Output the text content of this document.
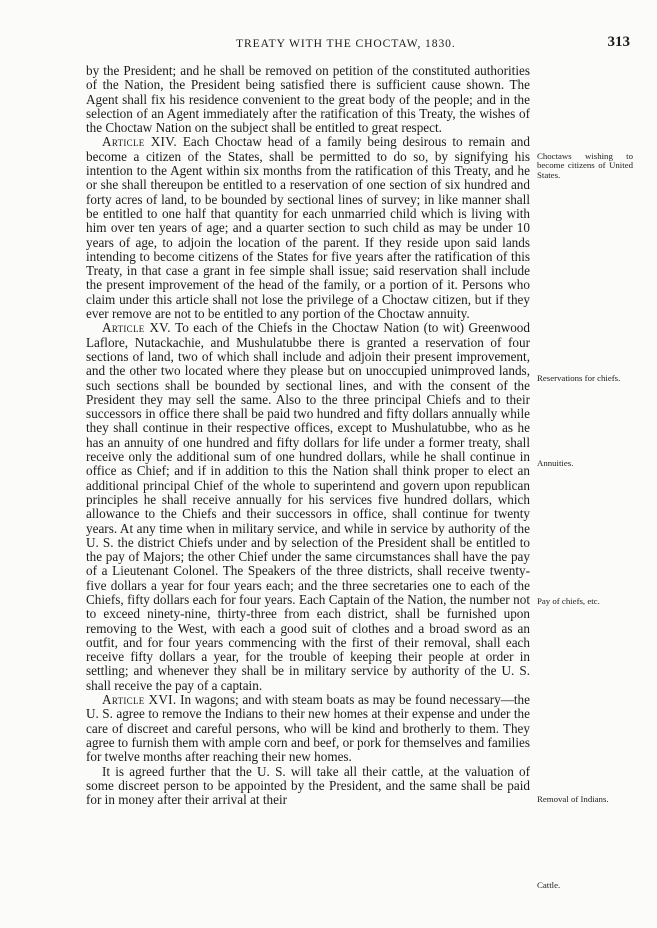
TREATY WITH THE CHOCTAW, 1830.	313

by the President; and he shall be removed on petition of the constituted authorities of the Nation, the President being satisfied there is sufficient cause shown. The Agent shall fix his residence convenient to the great body of the people; and in the selection of an Agent immediately after the ratification of this Treaty, the wishes of the Choctaw Nation on the subject shall be entitled to great respect.

Article XIV. Each Choctaw head of a family being desirous to remain and become a citizen of the States, shall be permitted to do so, by signifying his intention to the Agent within six months from the ratification of this Treaty, and he or she shall thereupon be entitled to a reservation of one section of six hundred and forty acres of land, to be bounded by sectional lines of survey; in like manner shall be entitled to one half that quantity for each unmarried child which is living with him over ten years of age; and a quarter section to such child as may be under 10 years of age, to adjoin the location of the parent. If they reside upon said lands intending to become citizens of the States for five years after the ratification of this Treaty, in that case a grant in fee simple shall issue; said reservation shall include the present improvement of the head of the family, or a portion of it. Persons who claim under this article shall not lose the privilege of a Choctaw citizen, but if they ever remove are not to be entitled to any portion of the Choctaw annuity.

Article XV. To each of the Chiefs in the Choctaw Nation (to wit) Greenwood Laflore, Nutackachie, and Mushulatubbe there is granted a reservation of four sections of land, two of which shall include and adjoin their present improvement, and the other two located where they please but on unoccupied unimproved lands, such sections shall be bounded by sectional lines, and with the consent of the President they may sell the same. Also to the three principal Chiefs and to their successors in office there shall be paid two hundred and fifty dollars annually while they shall continue in their respective offices, except to Mushulatubbe, who as he has an annuity of one hundred and fifty dollars for life under a former treaty, shall receive only the additional sum of one hundred dollars, while he shall continue in office as Chief; and if in addition to this the Nation shall think proper to elect an additional principal Chief of the whole to superintend and govern upon republican principles he shall receive annually for his services five hundred dollars, which allowance to the Chiefs and their successors in office, shall continue for twenty years. At any time when in military service, and while in service by authority of the U. S. the district Chiefs under and by selection of the President shall be entitled to the pay of Majors; the other Chief under the same circumstances shall have the pay of a Lieutenant Colonel. The Speakers of the three districts, shall receive twenty-five dollars a year for four years each; and the three secretaries one to each of the Chiefs, fifty dollars each for four years. Each Captain of the Nation, the number not to exceed ninety-nine, thirty-three from each district, shall be furnished upon removing to the West, with each a good suit of clothes and a broad sword as an outfit, and for four years commencing with the first of their removal, shall each receive fifty dollars a year, for the trouble of keeping their people at order in settling; and whenever they shall be in military service by authority of the U. S. shall receive the pay of a captain.

Article XVI. In wagons; and with steam boats as may be found necessary—the U. S. agree to remove the Indians to their new homes at their expense and under the care of discreet and careful persons, who will be kind and brotherly to them. They agree to furnish them with ample corn and beef, or pork for themselves and families for twelve months after reaching their new homes.

It is agreed further that the U. S. will take all their cattle, at the valuation of some discreet person to be appointed by the President, and the same shall be paid for in money after their arrival at their

Choctaws wishing to become citizens of United States.
Reservations for chiefs.
Annuities.
Pay of chiefs, etc.
Removal of Indians.
Cattle.
